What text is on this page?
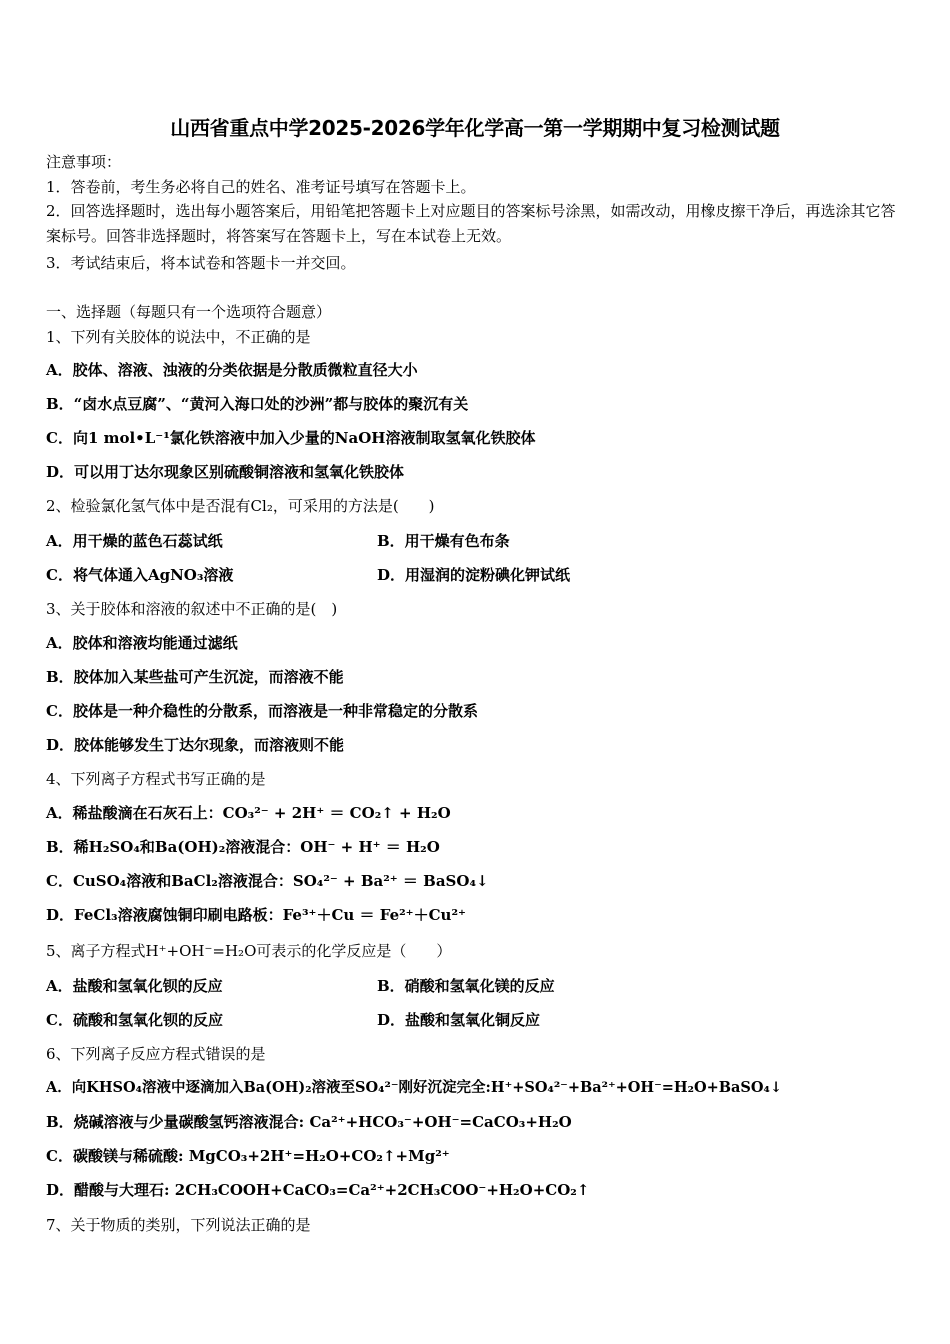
山西省重点中学2025-2026学年化学高一第一学期期中复习检测试题
注意事项：
1．答卷前，考生务必将自己的姓名、准考证号填写在答题卡上。
2．回答选择题时，选出每小题答案后，用铅笔把答题卡上对应题目的答案标号涂黑，如需改动，用橡皮擦干净后，再选涂其它答案标号。回答非选择题时，将答案写在答题卡上，写在本试卷上无效。
3．考试结束后，将本试卷和答题卡一并交回。
一、选择题（每题只有一个选项符合题意）
1、下列有关胶体的说法中，不正确的是
A．胶体、溶液、浊液的分类依据是分散质微粒直径大小
B．“卤水点豆腐”、“黄河入海口处的沙洲”都与胶体的聚沉有关
C．向1 mol•L⁻¹氯化铁溶液中加入少量的NaOH溶液制取氢氧化铁胶体
D．可以用丁达尔现象区别硫酸铜溶液和氢氧化铁胶体
2、检验氯化氢气体中是否混有Cl₂，可采用的方法是(　　)
A．用干燥的蓝色石蕊试纸	B．用干燥有色布条
C．将气体通入AgNO₃溶液	D．用湿润的淀粉碘化钾试纸
3、关于胶体和溶液的叙述中不正确的是(　)
A．胶体和溶液均能通过滤纸
B．胶体加入某些盐可产生沉淀，而溶液不能
C．胶体是一种介稳性的分散系，而溶液是一种非常稳定的分散系
D．胶体能够发生丁达尔现象，而溶液则不能
4、下列离子方程式书写正确的是
A．稀盐酸滴在石灰石上：CO₃²⁻ + 2H⁺ ＝ CO₂↑ + H₂O
B．稀H₂SO₄和Ba(OH)₂溶液混合：OH⁻ + H⁺ ＝ H₂O
C．CuSO₄溶液和BaCl₂溶液混合：SO₄²⁻ + Ba²⁺ ＝ BaSO₄↓
D．FeCl₃溶液腐蚀铜印刷电路板：Fe³⁺＋Cu ＝ Fe²⁺＋Cu²⁺
5、离子方程式H⁺+OH⁻=H₂O可表示的化学反应是（　　）
A．盐酸和氢氧化钡的反应	B．硝酸和氢氧化镁的反应
C．硫酸和氢氧化钡的反应	D．盐酸和氢氧化铜反应
6、下列离子反应方程式错误的是
A．向KHSO₄溶液中逐滴加入Ba(OH)₂溶液至SO₄²⁻刚好沉淀完全:H⁺+SO₄²⁻+Ba²⁺+OH⁻=H₂O+BaSO₄↓
B．烧碱溶液与少量碳酸氢钙溶液混合: Ca²⁺+HCO₃⁻+OH⁻=CaCO₃+H₂O
C．碳酸镁与稀硫酸: MgCO₃+2H⁺=H₂O+CO₂↑+Mg²⁺
D．醋酸与大理石: 2CH₃COOH+CaCO₃=Ca²⁺+2CH₃COO⁻+H₂O+CO₂↑
7、关于物质的类别，下列说法正确的是
